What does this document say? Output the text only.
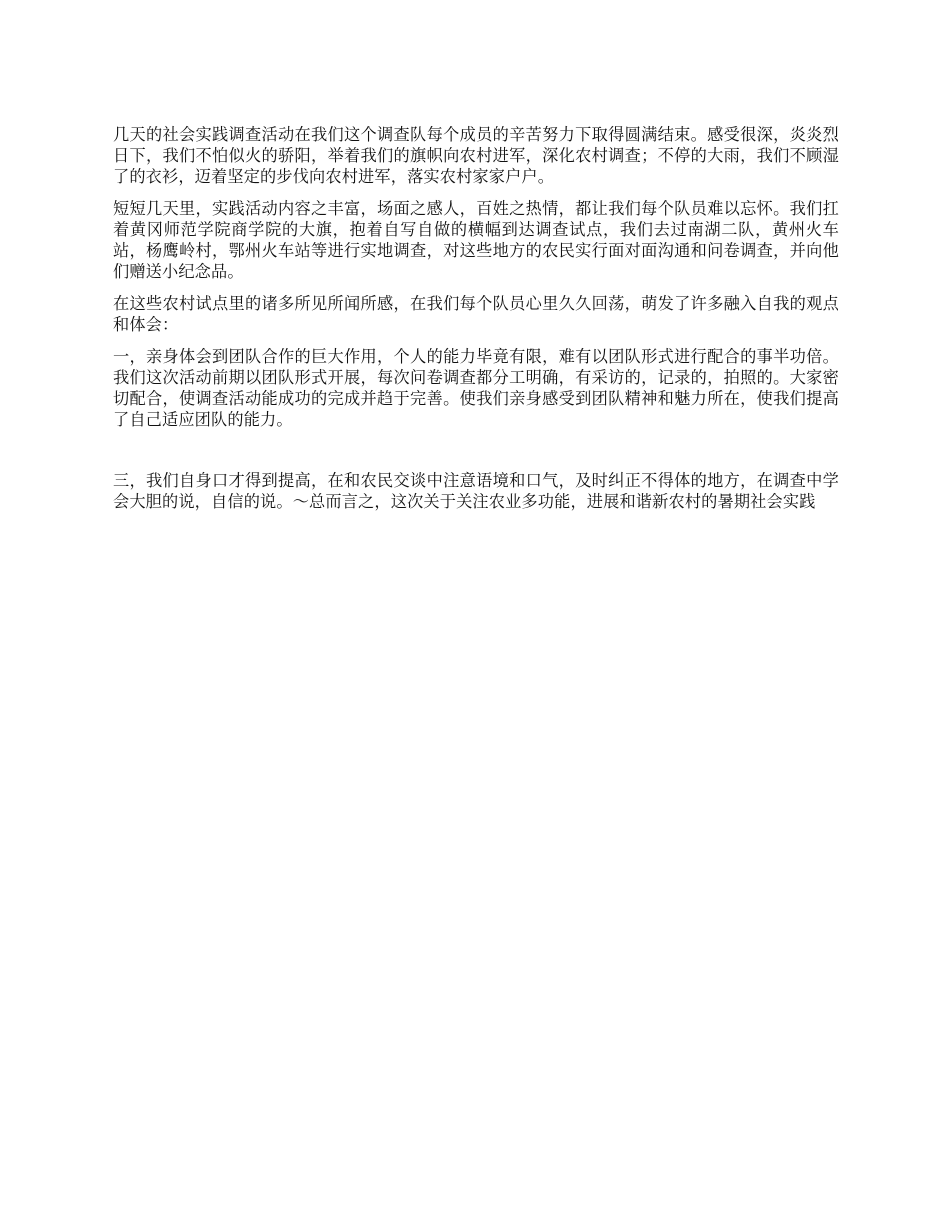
几天的社会实践调查活动在我们这个调查队每个成员的辛苦努力下取得圆满结束。感受很深，炎炎烈日下，我们不怕似火的骄阳，举着我们的旗帜向农村进军，深化农村调查；不停的大雨，我们不顾湿了的衣衫，迈着坚定的步伐向农村进军，落实农村家家户户。

短短几天里，实践活动内容之丰富，场面之感人，百姓之热情，都让我们每个队员难以忘怀。我们扛着黄冈师范学院商学院的大旗，抱着自写自做的横幅到达调查试点，我们去过南湖二队，黄州火车站，杨鹰岭村，鄂州火车站等进行实地调查，对这些地方的农民实行面对面沟通和问卷调查，并向他们赠送小纪念品。

在这些农村试点里的诸多所见所闻所感，在我们每个队员心里久久回荡，萌发了许多融入自我的观点和体会：

一，亲身体会到团队合作的巨大作用，个人的能力毕竟有限，难有以团队形式进行配合的事半功倍。我们这次活动前期以团队形式开展，每次问卷调查都分工明确，有采访的，记录的，拍照的。大家密切配合，使调查活动能成功的完成并趋于完善。使我们亲身感受到团队精神和魅力所在，使我们提高了自己适应团队的能力。

三，我们自身口才得到提高，在和农民交谈中注意语境和口气，及时纠正不得体的地方，在调查中学会大胆的说，自信的说。～总而言之，这次关于关注农业多功能，进展和谐新农村的暑期社会实践
